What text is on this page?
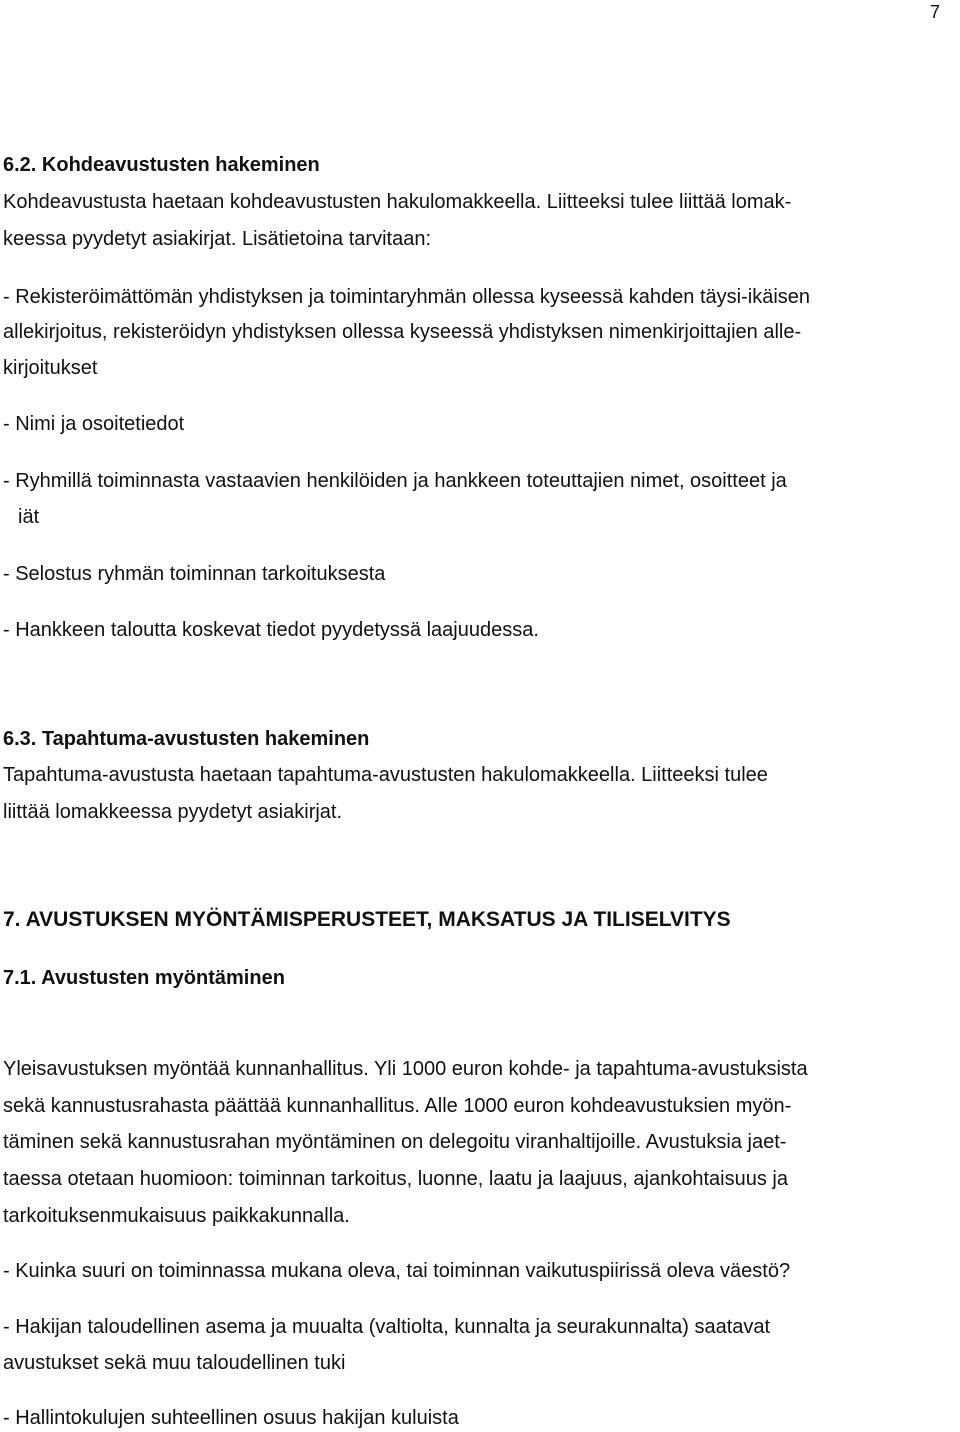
7
6.2. Kohdeavustusten hakeminen
Kohdeavustusta haetaan kohdeavustusten hakulomakkeella. Liitteeksi tulee liittää lomak-
keessa pyydetyt asiakirjat. Lisätietoina tarvitaan:
- Rekisteröimättömän yhdistyksen ja toimintaryhmän ollessa kyseessä kahden täysi-ikäisen
allekirjoitus, rekisteröidyn yhdistyksen ollessa kyseessä yhdistyksen nimenkirjoittajien alle-
kirjoitukset
- Nimi ja osoitetiedot
- Ryhmillä toiminnasta vastaavien henkilöiden ja hankkeen toteuttajien nimet, osoitteet ja
iät
- Selostus ryhmän toiminnan tarkoituksesta
- Hankkeen taloutta koskevat tiedot pyydetyssä laajuudessa.
6.3. Tapahtuma-avustusten hakeminen
Tapahtuma-avustusta haetaan tapahtuma-avustusten hakulomakkeella. Liitteeksi tulee
liittää lomakkeessa pyydetyt asiakirjat.
7. AVUSTUKSEN MYÖNTÄMISPERUSTEET, MAKSATUS JA TILISELVITYS
7.1. Avustusten myöntäminen
Yleisavustuksen myöntää kunnanhallitus. Yli 1000 euron kohde- ja tapahtuma-avustuksista
sekä kannustusrahasta päättää kunnanhallitus. Alle 1000 euron kohdeavustuksien myön-
täminen sekä kannustusrahan myöntäminen on delegoitu viranhaltijoille. Avustuksia jaet-
taessa otetaan huomioon: toiminnan tarkoitus, luonne, laatu ja laajuus, ajankohtaisuus ja
tarkoituksenmukaisuus paikkakunnalla.
- Kuinka suuri on toiminnassa mukana oleva, tai toiminnan vaikutuspiirissä oleva väestö?
- Hakijan taloudellinen asema ja muualta (valtiolta, kunnalta ja seurakunnalta) saatavat
avustukset sekä muu taloudellinen tuki
- Hallintokulujen suhteellinen osuus hakijan kuluista
